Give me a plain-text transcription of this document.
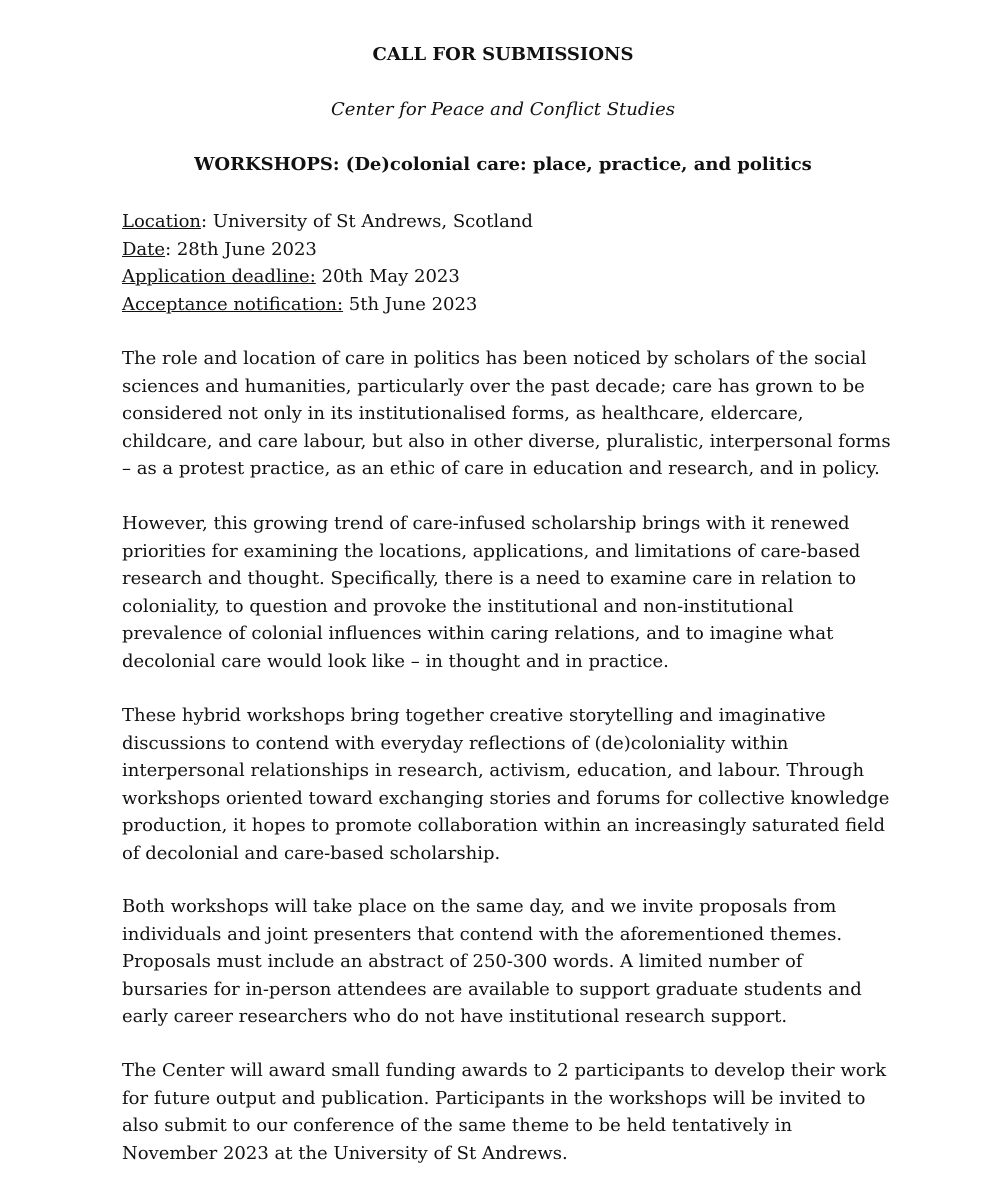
CALL FOR SUBMISSIONS
Center for Peace and Conflict Studies
WORKSHOPS: (De)colonial care: place, practice, and politics
Location: University of St Andrews, Scotland
Date: 28th June 2023
Application deadline: 20th May 2023
Acceptance notification: 5th June 2023

The role and location of care in politics has been noticed by scholars of the social sciences and humanities, particularly over the past decade; care has grown to be considered not only in its institutionalised forms, as healthcare, eldercare, childcare, and care labour, but also in other diverse, pluralistic, interpersonal forms – as a protest practice, as an ethic of care in education and research, and in policy.

However, this growing trend of care-infused scholarship brings with it renewed priorities for examining the locations, applications, and limitations of care-based research and thought. Specifically, there is a need to examine care in relation to coloniality, to question and provoke the institutional and non-institutional prevalence of colonial influences within caring relations, and to imagine what decolonial care would look like – in thought and in practice.

These hybrid workshops bring together creative storytelling and imaginative discussions to contend with everyday reflections of (de)coloniality within interpersonal relationships in research, activism, education, and labour. Through workshops oriented toward exchanging stories and forums for collective knowledge production, it hopes to promote collaboration within an increasingly saturated field of decolonial and care-based scholarship.

Both workshops will take place on the same day, and we invite proposals from individuals and joint presenters that contend with the aforementioned themes. Proposals must include an abstract of 250-300 words. A limited number of bursaries for in-person attendees are available to support graduate students and early career researchers who do not have institutional research support.

The Center will award small funding awards to 2 participants to develop their work for future output and publication. Participants in the workshops will be invited to also submit to our conference of the same theme to be held tentatively in November 2023 at the University of St Andrews.
